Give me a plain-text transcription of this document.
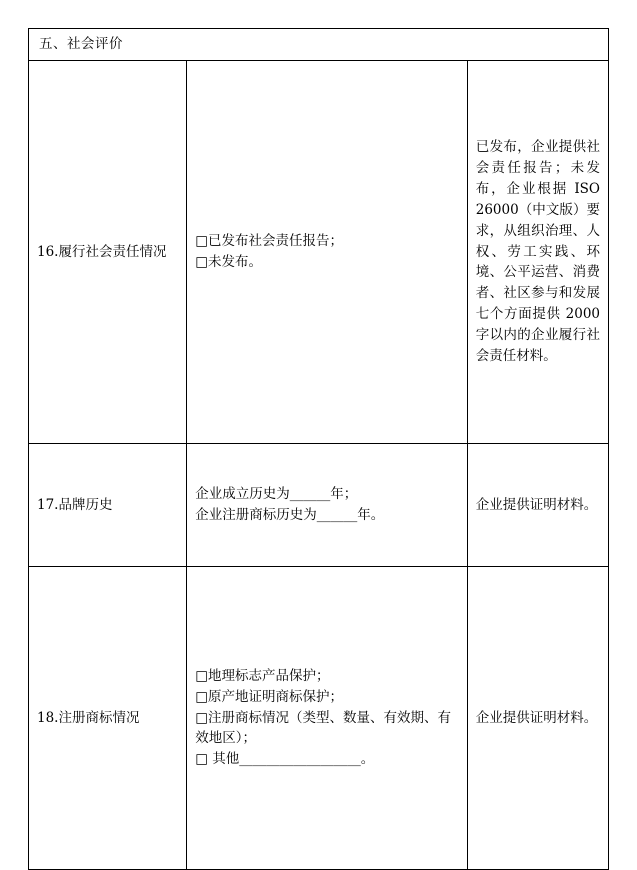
五、社会评价		
16.履行社会责任情况	□已发布社会责任报告；

□未发布。	已发布，企业提供社会责任报告；未发布，企业根据 ISO 26000（中文版）要求，从组织治理、人权、劳工实践、环境、公平运营、消费者、社区参与和发展七个方面提供 2000 字以内的企业履行社会责任材料。
17.品牌历史	企业成立历史为______年；

企业注册商标历史为______年。	企业提供证明材料。
18.注册商标情况	□地理标志产品保护；

□原产地证明商标保护；

□注册商标情况（类型、数量、有效期、有效地区）；

□ 其他__________________。	企业提供证明材料。
